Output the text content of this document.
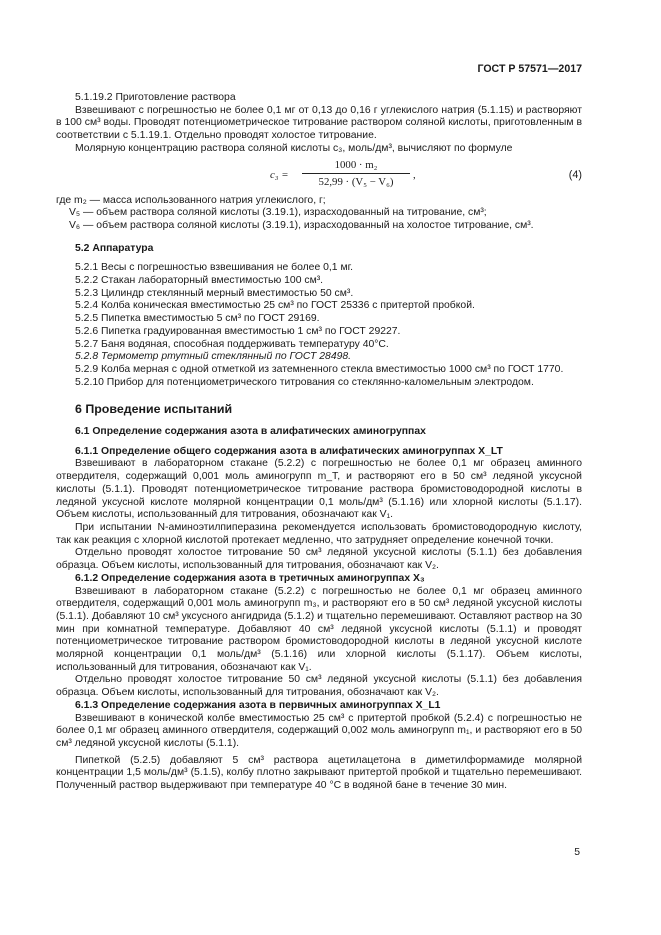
ГОСТ Р 57571—2017

5.1.19.2 Приготовление раствора

Взвешивают с погрешностью не более 0,1 мг от 0,13 до 0,16 г углекислого натрия (5.1.15) и растворяют в 100 см³ воды. Проводят потенциометрическое титрование раствором соляной кислоты, приготовленным в соответствии с 5.1.19.1. Отдельно проводят холостое титрование.

Молярную концентрацию раствора соляной кислоты c₃, моль/дм³, вычисляют по формуле

c₃ =
1000 · m₂
52,99 · (V₅ − V₆)
,	(4)
где m₂ — масса использованного натрия углекислого, г;
V₅ — объем раствора соляной кислоты (3.19.1), израсходованный на титрование, см³;
V₆ — объем раствора соляной кислоты (3.19.1), израсходованный на холостое титрование, см³.

5.2 Аппаратура

5.2.1 Весы с погрешностью взвешивания не более 0,1 мг.

5.2.2 Стакан лабораторный вместимостью 100 см³.

5.2.3 Цилиндр стеклянный мерный вместимостью 50 см³.

5.2.4 Колба коническая вместимостью 25 см³ по ГОСТ 25336 с притертой пробкой.

5.2.5 Пипетка вместимостью 5 см³ по ГОСТ 29169.

5.2.6 Пипетка градуированная вместимостью 1 см³ по ГОСТ 29227.

5.2.7 Баня водяная, способная поддерживать температуру 40°С.

5.2.8 Термометр ртутный стеклянный по ГОСТ 28498.

5.2.9 Колба мерная с одной отметкой из затемненного стекла вместимостью 1000 см³ по ГОСТ 1770.

5.2.10 Прибор для потенциометрического титрования со стеклянно-каломельным электродом.

6 Проведение испытаний

6.1 Определение содержания азота в алифатических аминогруппах

6.1.1 Определение общего содержания азота в алифатических аминогруппах X_LT

Взвешивают в лабораторном стакане (5.2.2) с погрешностью не более 0,1 мг образец аминного отвердителя, содержащий 0,001 моль аминогрупп m_T, и растворяют его в 50 см³ ледяной уксусной кислоты (5.1.1). Проводят потенциометрическое титрование раствора бромистоводородной кислоты в ледяной уксусной кислоте молярной концентрации 0,1 моль/дм³ (5.1.16) или хлорной кислоты (5.1.17). Объем кислоты, использованный для титрования, обозначают как V₁.

При испытании N-аминоэтилпиперазина рекомендуется использовать бромистоводородную кислоту, так как реакция с хлорной кислотой протекает медленно, что затрудняет определение конечной точки.

Отдельно проводят холостое титрование 50 см³ ледяной уксусной кислоты (5.1.1) без добавления образца. Объем кислоты, использованный для титрования, обозначают как V₂.

6.1.2 Определение содержания азота в третичных аминогруппах X₃

Взвешивают в лабораторном стакане (5.2.2) с погрешностью не более 0,1 мг образец аминного отвердителя, содержащий 0,001 моль аминогрупп m₃, и растворяют его в 50 см³ ледяной уксусной кислоты (5.1.1). Добавляют 10 см³ уксусного ангидрида (5.1.2) и тщательно перемешивают. Оставляют раствор на 30 мин при комнатной температуре. Добавляют 40 см³ ледяной уксусной кислоты (5.1.1) и проводят потенциометрическое титрование раствором бромистоводородной кислоты в ледяной уксусной кислоте молярной концентрации 0,1 моль/дм³ (5.1.16) или хлорной кислоты (5.1.17). Объем кислоты, использованный для титрования, обозначают как V₁.

Отдельно проводят холостое титрование 50 см³ ледяной уксусной кислоты (5.1.1) без добавления образца. Объем кислоты, использованный для титрования, обозначают как V₂.

6.1.3 Определение содержания азота в первичных аминогруппах X_L1

Взвешивают в конической колбе вместимостью 25 см³ с притертой пробкой (5.2.4) с погрешностью не более 0,1 мг образец аминного отвердителя, содержащий 0,002 моль аминогрупп m₁, и растворяют его в 50 см³ ледяной уксусной кислоты (5.1.1).

Пипеткой (5.2.5) добавляют 5 см³ раствора ацетилацетона в диметилформамиде молярной концентрации 1,5 моль/дм³ (5.1.5), колбу плотно закрывают притертой пробкой и тщательно перемешивают. Полученный раствор выдерживают при температуре 40 °С в водяной бане в течение 30 мин.

5
